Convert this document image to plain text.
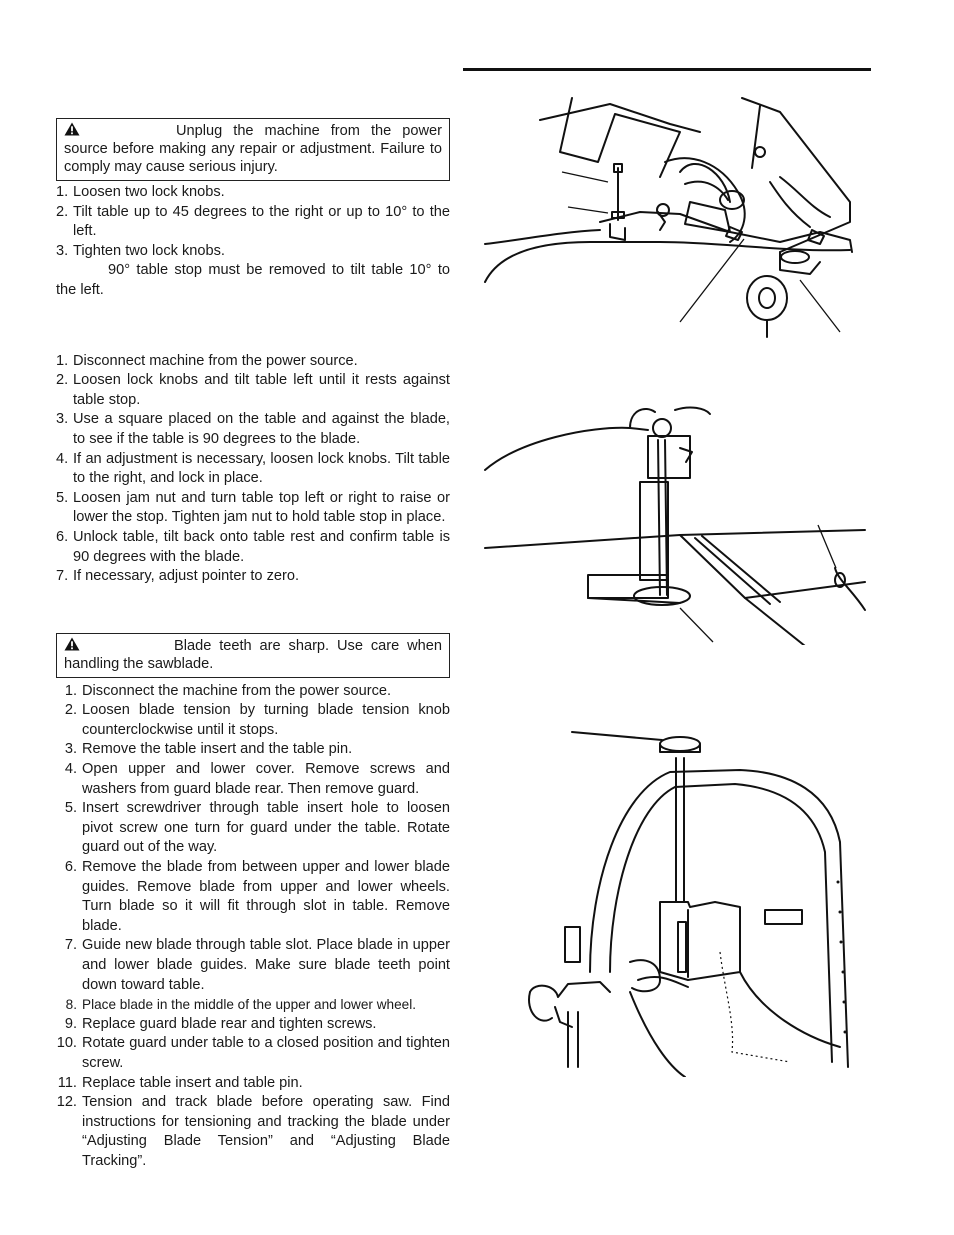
Unplug the machine from the power source before making any repair or adjustment. Failure to comply may cause serious injury.
1. Loosen two lock knobs.
2. Tilt table up to 45 degrees to the right or up to 10° to the left.
3. Tighten two lock knobs.
90° table stop must be removed to tilt table 10° to the left.
1. Disconnect machine from the power source.
2. Loosen lock knobs and tilt table left until it rests against table stop.
3. Use a square placed on the table and against the blade, to see if the table is 90 degrees to the blade.
4. If an adjustment is necessary, loosen lock knobs. Tilt table to the right, and lock in place.
5. Loosen jam nut and turn table top left or right to raise or lower the stop. Tighten jam nut to hold table stop in place.
6. Unlock table, tilt back onto table rest and confirm table is 90 degrees with the blade.
7. If necessary, adjust pointer to zero.
Blade teeth are sharp. Use care when handling the sawblade.
1. Disconnect the machine from the power source.
2. Loosen blade tension by turning blade tension knob counterclockwise until it stops.
3. Remove the table insert and the table pin.
4. Open upper and lower cover. Remove screws and washers from guard blade rear. Then remove guard.
5. Insert screwdriver through table insert hole to loosen pivot screw one turn for guard under the table. Rotate guard out of the way.
6. Remove the blade from between upper and lower blade guides. Remove blade from upper and lower wheels. Turn blade so it will fit through slot in table. Remove blade.
7. Guide new blade through table slot. Place blade in upper and lower blade guides. Make sure blade teeth point down toward table.
8. Place blade in the middle of the upper and lower wheel.
9. Replace guard blade rear and tighten screws.
10. Rotate guard under table to a closed position and tighten screw.
11. Replace table insert and table pin.
12. Tension and track blade before operating saw. Find instructions for tensioning and tracking the blade under “Adjusting Blade Tension” and “Adjusting Blade Tracking”.
